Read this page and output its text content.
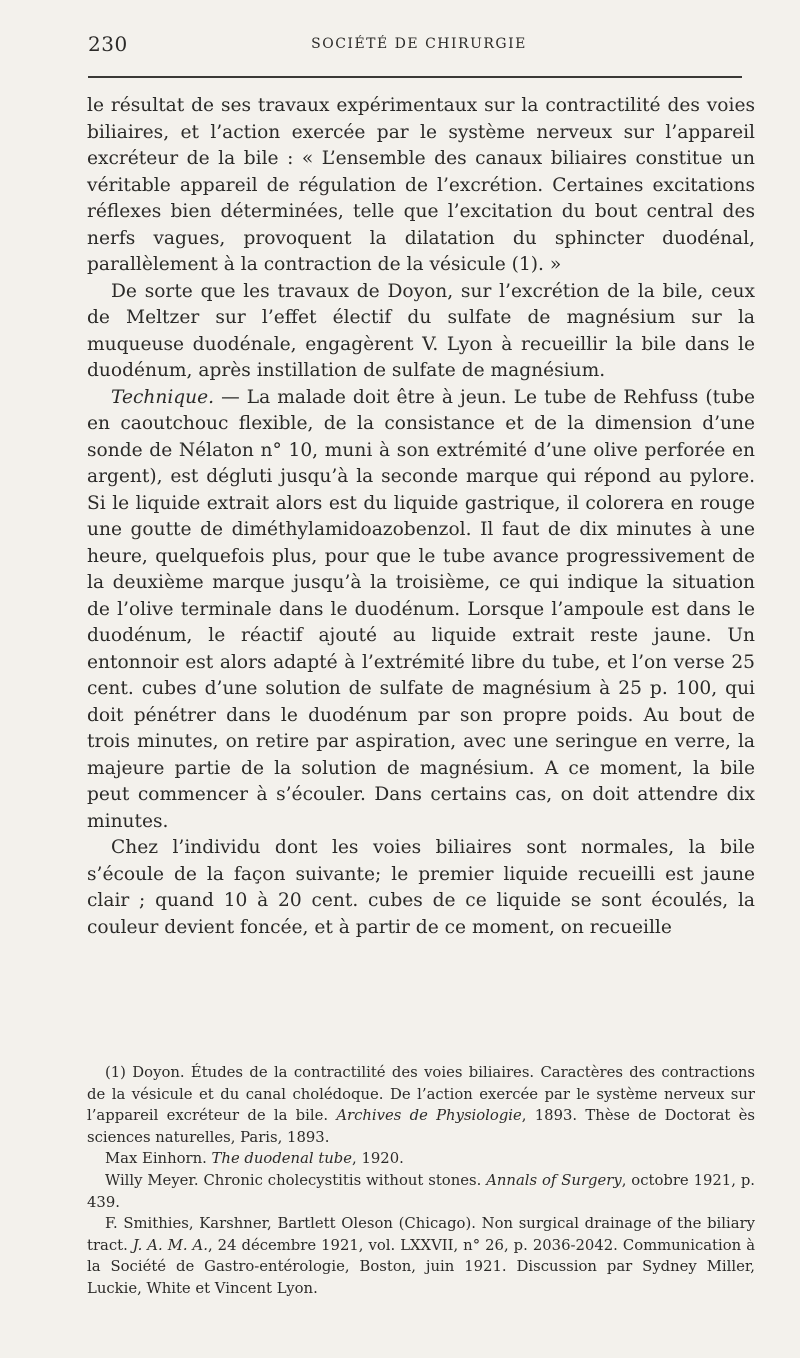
230	SOCIÉTÉ DE CHIRURGIE

le résultat de ses travaux expérimentaux sur la contractilité des voies biliaires, et l’action exercée par le système nerveux sur l’appareil excréteur de la bile : « L’ensemble des canaux biliaires constitue un véritable appareil de régulation de l’excrétion. Certaines excitations réflexes bien déterminées, telle que l’excitation du bout central des nerfs vagues, provoquent la dilatation du sphincter duodénal, parallèlement à la contraction de la vésicule (1). »

De sorte que les travaux de Doyon, sur l’excrétion de la bile, ceux de Meltzer sur l’effet électif du sulfate de magnésium sur la muqueuse duodénale, engagèrent V. Lyon à recueillir la bile dans le duodénum, après instillation de sulfate de magnésium.

Technique. — La malade doit être à jeun. Le tube de Rehfuss (tube en caoutchouc flexible, de la consistance et de la dimension d’une sonde de Nélaton n° 10, muni à son extrémité d’une olive perforée en argent), est dégluti jusqu’à la seconde marque qui répond au pylore. Si le liquide extrait alors est du liquide gastrique, il colorera en rouge une goutte de diméthylamidoazobenzol. Il faut de dix minutes à une heure, quelquefois plus, pour que le tube avance progressivement de la deuxième marque jusqu’à la troisième, ce qui indique la situation de l’olive terminale dans le duodénum. Lorsque l’ampoule est dans le duodénum, le réactif ajouté au liquide extrait reste jaune. Un entonnoir est alors adapté à l’extrémité libre du tube, et l’on verse 25 cent. cubes d’une solution de sulfate de magnésium à 25 p. 100, qui doit pénétrer dans le duodénum par son propre poids. Au bout de trois minutes, on retire par aspiration, avec une seringue en verre, la majeure partie de la solution de magnésium. A ce moment, la bile peut commencer à s’écouler. Dans certains cas, on doit attendre dix minutes.

Chez l’individu dont les voies biliaires sont normales, la bile s’écoule de la façon suivante; le premier liquide recueilli est jaune clair ; quand 10 à 20 cent. cubes de ce liquide se sont écoulés, la couleur devient foncée, et à partir de ce moment, on recueille

(1) Doyon. Études de la contractilité des voies biliaires. Caractères des contractions de la vésicule et du canal cholédoque. De l’action exercée par le système nerveux sur l’appareil excréteur de la bile. Archives de Physiologie, 1893. Thèse de Doctorat ès sciences naturelles, Paris, 1893.

Max Einhorn. The duodenal tube, 1920.

Willy Meyer. Chronic cholecystitis without stones. Annals of Surgery, octobre 1921, p. 439.

F. Smithies, Karshner, Bartlett Oleson (Chicago). Non surgical drainage of the biliary tract. J. A. M. A., 24 décembre 1921, vol. LXXVII, n° 26, p. 2036-2042. Communication à la Société de Gastro-entérologie, Boston, juin 1921. Discussion par Sydney Miller, Luckie, White et Vincent Lyon.
